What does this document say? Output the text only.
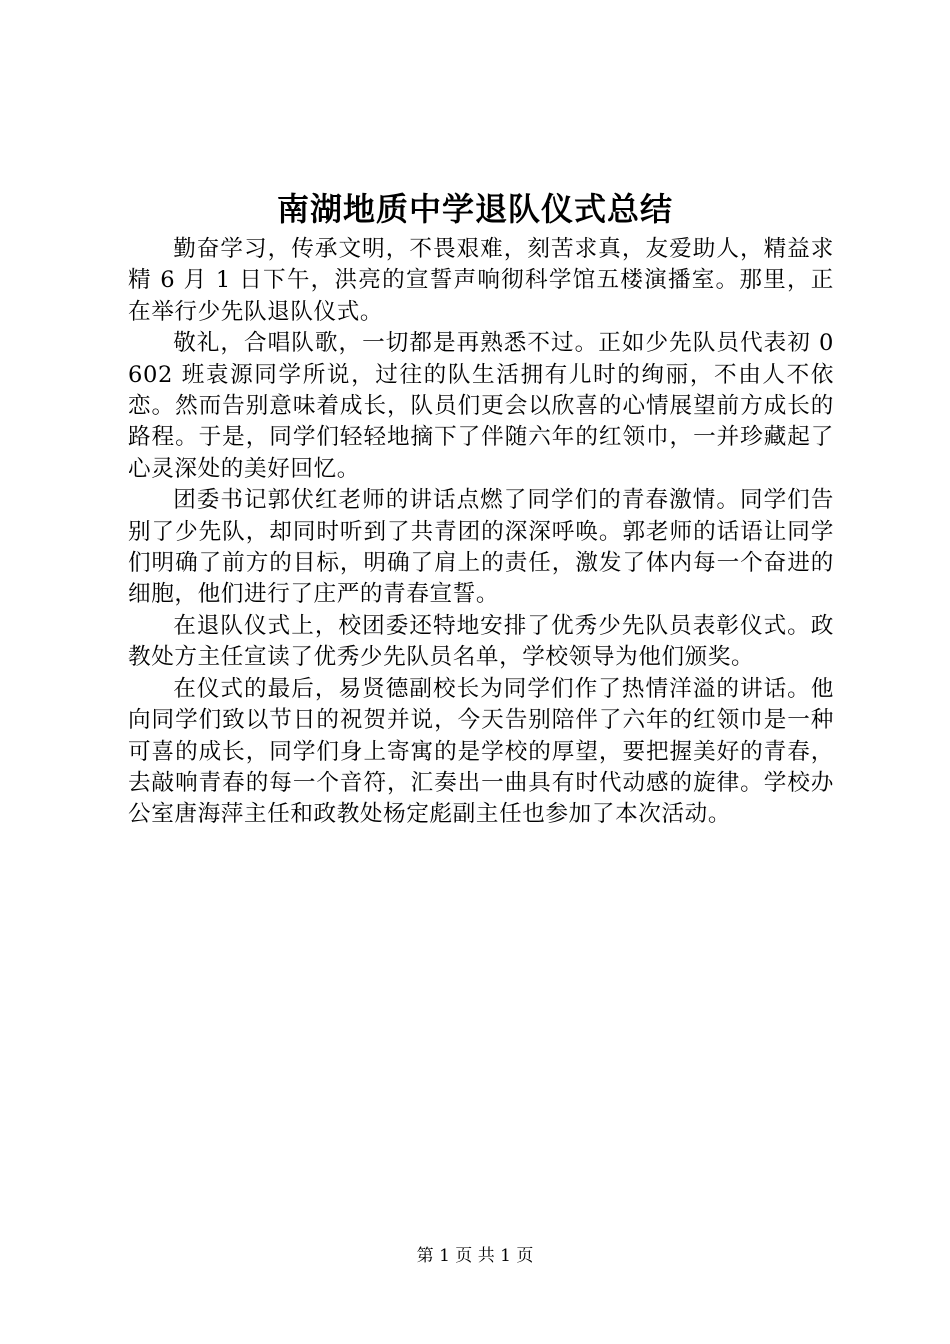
南湖地质中学退队仪式总结

勤奋学习，传承文明，不畏艰难，刻苦求真，友爱助人，精益求精 6 月 1 日下午，洪亮的宣誓声响彻科学馆五楼演播室。那里，正在举行少先队退队仪式。

敬礼，合唱队歌，一切都是再熟悉不过。正如少先队员代表初 0602 班袁源同学所说，过往的队生活拥有儿时的绚丽，不由人不依恋。然而告别意味着成长，队员们更会以欣喜的心情展望前方成长的路程。于是，同学们轻轻地摘下了伴随六年的红领巾，一并珍藏起了心灵深处的美好回忆。

团委书记郭伏红老师的讲话点燃了同学们的青春激情。同学们告别了少先队，却同时听到了共青团的深深呼唤。郭老师的话语让同学们明确了前方的目标，明确了肩上的责任，激发了体内每一个奋进的细胞，他们进行了庄严的青春宣誓。

在退队仪式上，校团委还特地安排了优秀少先队员表彰仪式。政教处方主任宣读了优秀少先队员名单，学校领导为他们颁奖。

在仪式的最后，易贤德副校长为同学们作了热情洋溢的讲话。他向同学们致以节日的祝贺并说，今天告别陪伴了六年的红领巾是一种可喜的成长，同学们身上寄寓的是学校的厚望，要把握美好的青春，去敲响青春的每一个音符，汇奏出一曲具有时代动感的旋律。学校办公室唐海萍主任和政教处杨定彪副主任也参加了本次活动。

第 1 页 共 1 页
